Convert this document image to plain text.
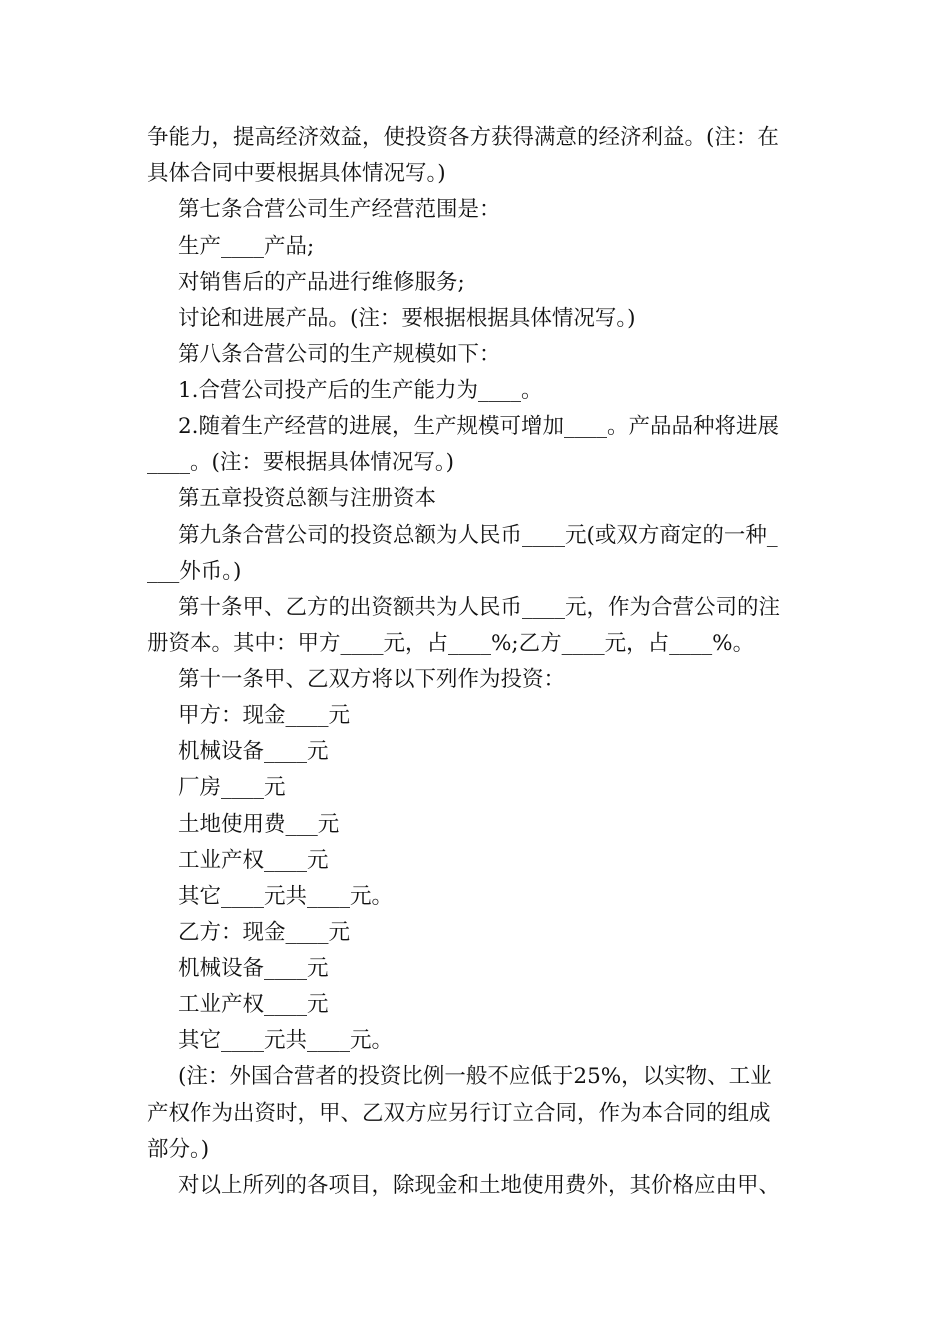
争能力，提高经济效益，使投资各方获得满意的经济利益。(注：在
具体合同中要根据具体情况写。)
第七条合营公司生产经营范围是：
生产____产品;
对销售后的产品进行维修服务;
讨论和进展产品。(注：要根据根据具体情况写。)
第八条合营公司的生产规模如下：
1.合营公司投产后的生产能力为____。
2.随着生产经营的进展，生产规模可增加____。产品品种将进展
____。(注：要根据具体情况写。)
第五章投资总额与注册资本
第九条合营公司的投资总额为人民币____元(或双方商定的一种_
___外币。)
第十条甲、乙方的出资额共为人民币____元，作为合营公司的注
册资本。其中：甲方____元，占____%;乙方____元，占____%。
第十一条甲、乙双方将以下列作为投资：
甲方：现金____元
机械设备____元
厂房____元
土地使用费___元
工业产权____元
其它____元共____元。
乙方：现金____元
机械设备____元
工业产权____元
其它____元共____元。
(注：外国合营者的投资比例一般不应低于25%，以实物、工业
产权作为出资时，甲、乙双方应另行订立合同，作为本合同的组成
部分。)
对以上所列的各项目，除现金和土地使用费外，其价格应由甲、
